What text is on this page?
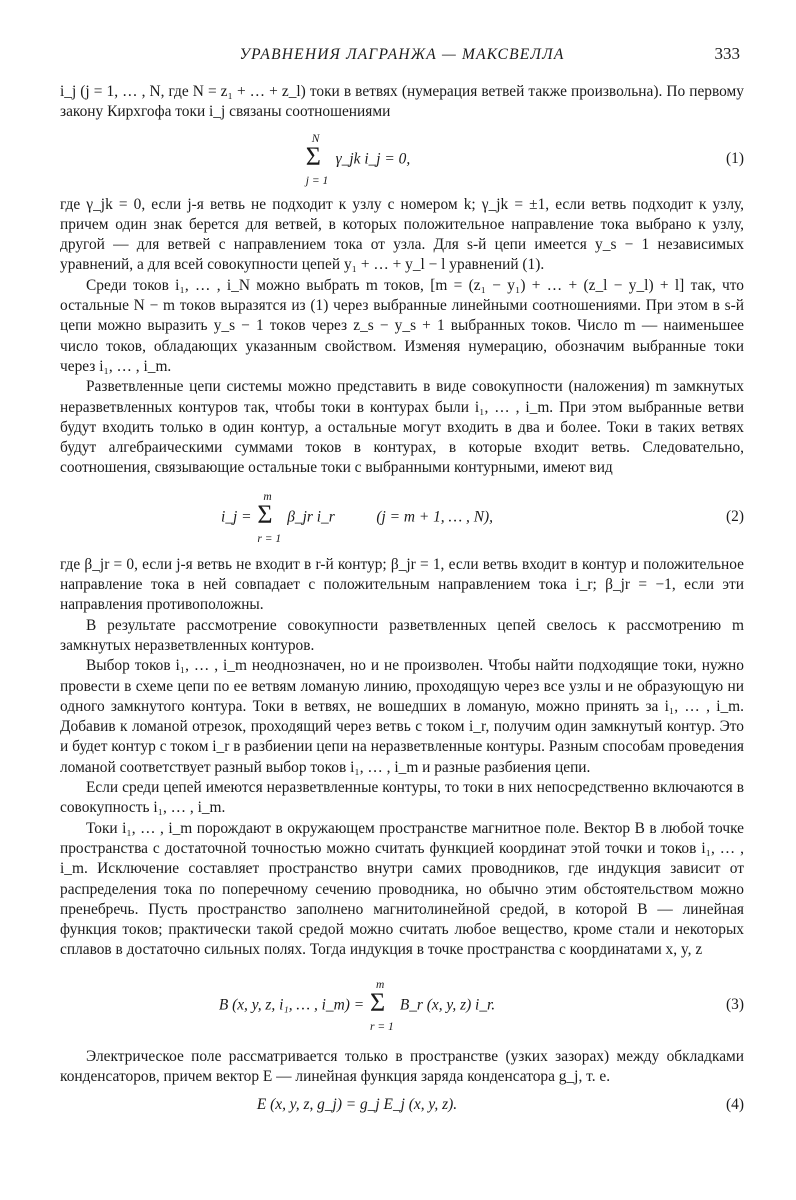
УРАВНЕНИЯ ЛАГРАНЖА — МАКСВЕЛЛА	333

i_j (j = 1, … , N, где N = z₁ + … + z_l) токи в ветвях (нумерация ветвей также произвольна). По первому закону Кирхгофа токи i_j связаны соотношениями

N
Σ
j = 1
γ_jk i_j = 0,	(1)

где γ_jk = 0, если j-я ветвь не подходит к узлу с номером k; γ_jk = ±1, если ветвь подходит к узлу, причем один знак берется для ветвей, в которых положительное направление тока выбрано к узлу, другой — для ветвей с направлением тока от узла. Для s-й цепи имеется y_s − 1 независимых уравнений, а для всей совокупности цепей y₁ + … + y_l − l уравнений (1).

Среди токов i₁, … , i_N можно выбрать m токов, [m = (z₁ − y₁) + … + (z_l − y_l) + l] так, что остальные N − m токов выразятся из (1) через выбранные линейными соотношениями. При этом в s-й цепи можно выразить y_s − 1 токов через z_s − y_s + 1 выбранных токов. Число m — наименьшее число токов, обладающих указанным свойством. Изменяя нумерацию, обозначим выбранные токи через i₁, … , i_m.

Разветвленные цепи системы можно представить в виде совокупности (наложения) m замкнутых неразветвленных контуров так, чтобы токи в контурах были i₁, … , i_m. При этом выбранные ветви будут входить только в один контур, а остальные могут входить в два и более. Токи в таких ветвях будут алгебраическими суммами токов в контурах, в которые входит ветвь. Следовательно, соотношения, связывающие остальные токи с выбранными контурными, имеют вид

i_j =
m
Σ
r = 1
β_jr i_r	(j = m + 1, … , N),	(2)

где β_jr = 0, если j-я ветвь не входит в r-й контур; β_jr = 1, если ветвь входит в контур и положительное направление тока в ней совпадает с положительным направлением тока i_r; β_jr = −1, если эти направления противоположны.

В результате рассмотрение совокупности разветвленных цепей свелось к рассмотрению m замкнутых неразветвленных контуров.

Выбор токов i₁, … , i_m неоднозначен, но и не произволен. Чтобы найти подходящие токи, нужно провести в схеме цепи по ее ветвям ломаную линию, проходящую через все узлы и не образующую ни одного замкнутого контура. Токи в ветвях, не вошедших в ломаную, можно принять за i₁, … , i_m. Добавив к ломаной отрезок, проходящий через ветвь с током i_r, получим один замкнутый контур. Это и будет контур с током i_r в разбиении цепи на неразветвленные контуры. Разным способам проведения ломаной соответствует разный выбор токов i₁, … , i_m и разные разбиения цепи.

Если среди цепей имеются неразветвленные контуры, то токи в них непосредственно включаются в совокупность i₁, … , i_m.

Токи i₁, … , i_m порождают в окружающем пространстве магнитное поле. Вектор B в любой точке пространства с достаточной точностью можно считать функцией координат этой точки и токов i₁, … , i_m. Исключение составляет пространство внутри самих проводников, где индукция зависит от распределения тока по поперечному сечению проводника, но обычно этим обстоятельством можно пренебречь. Пусть пространство заполнено магнитолинейной средой, в которой B — линейная функция токов; практически такой средой можно считать любое вещество, кроме стали и некоторых сплавов в достаточно сильных полях. Тогда индукция в точке пространства с координатами x, y, z

B (x, y, z, i₁, … , i_m) =
m
Σ
r = 1
B_r (x, y, z) i_r.	(3)

Электрическое поле рассматривается только в пространстве (узких зазорах) между обкладками конденсаторов, причем вектор E — линейная функция заряда конденсатора g_j, т. е.

E (x, y, z, g_j) = g_j E_j (x, y, z).	(4)
